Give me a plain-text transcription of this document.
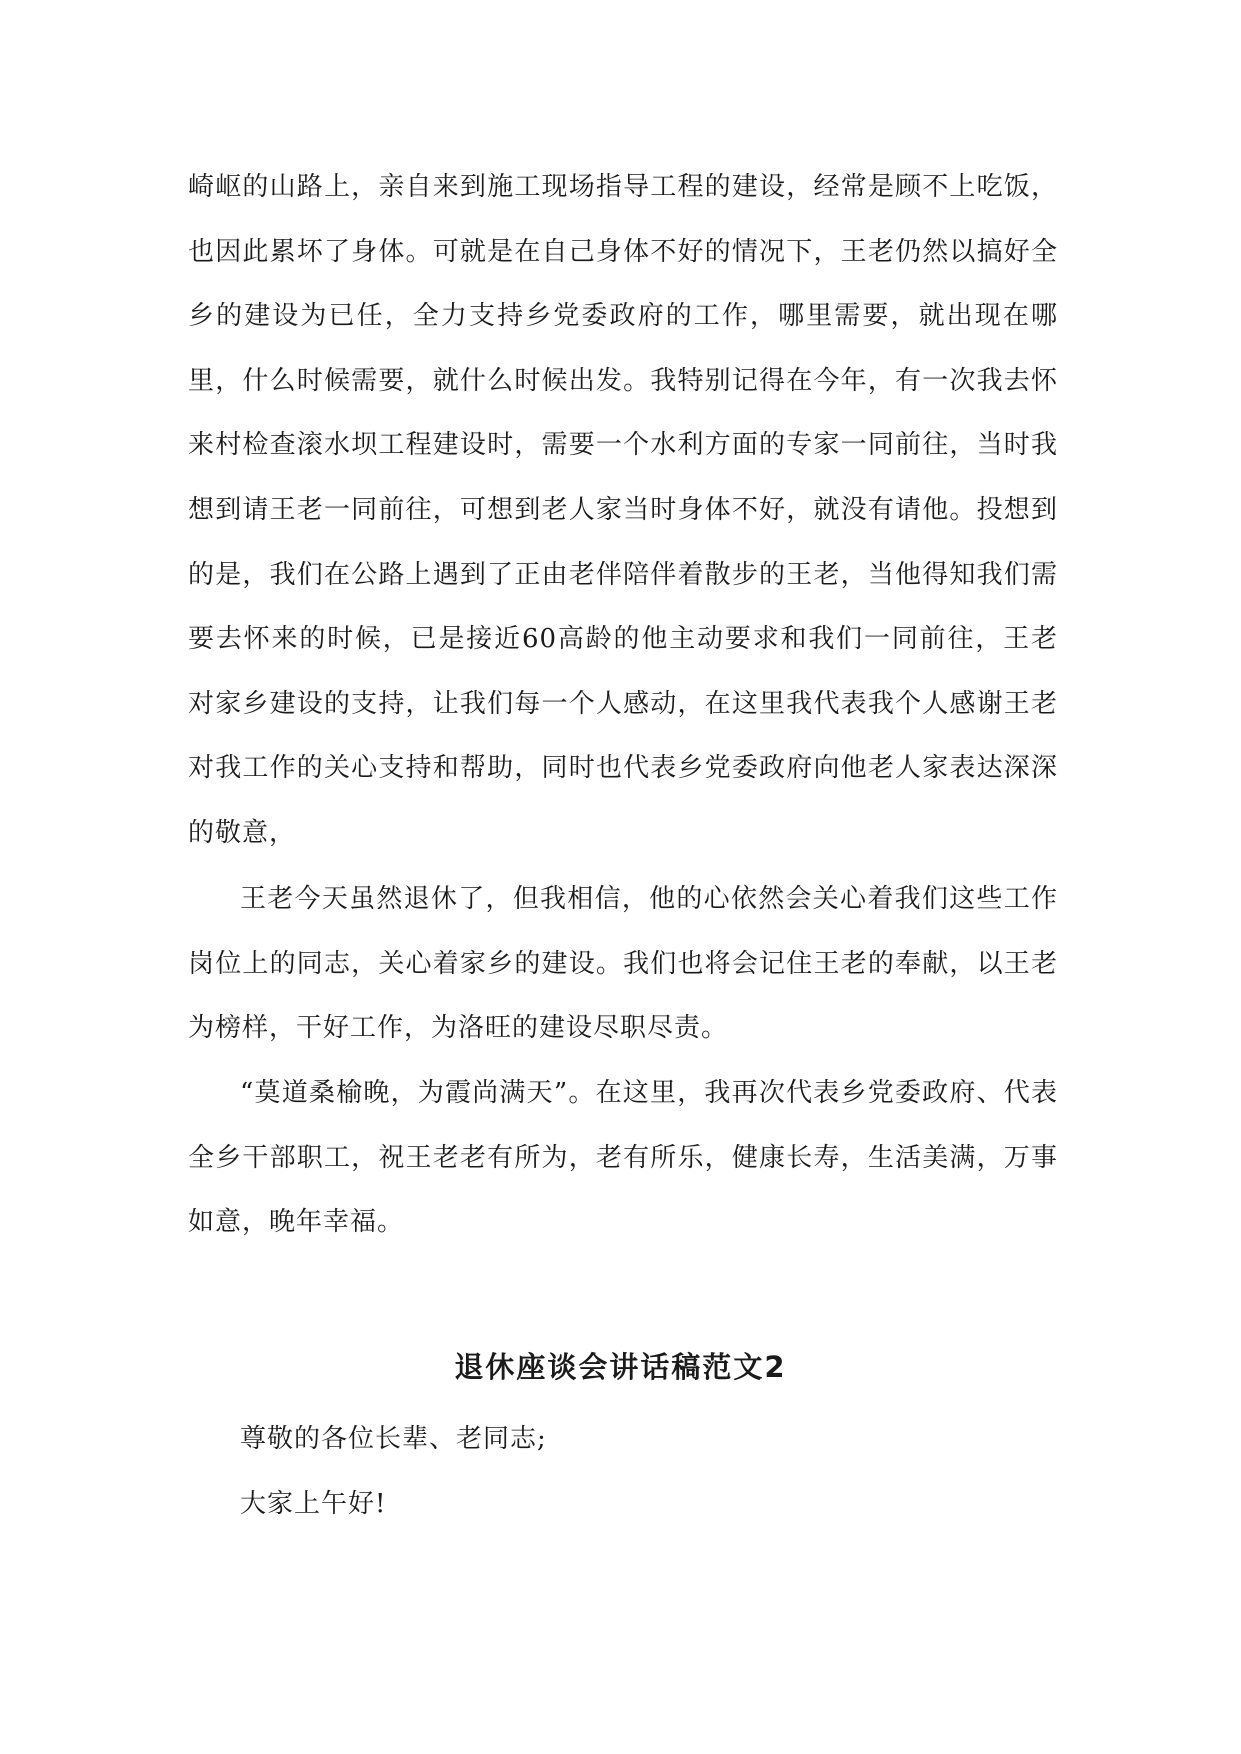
崎岖的山路上，亲自来到施工现场指导工程的建设，经常是顾不上吃饭，也因此累坏了身体。可就是在自己身体不好的情况下，王老仍然以搞好全乡的建设为已任，全力支持乡党委政府的工作，哪里需要，就出现在哪里，什么时候需要，就什么时候出发。我特别记得在今年，有一次我去怀来村检查滚水坝工程建设时，需要一个水利方面的专家一同前往，当时我想到请王老一同前往，可想到老人家当时身体不好，就没有请他。投想到的是，我们在公路上遇到了正由老伴陪伴着散步的王老，当他得知我们需要去怀来的时候，已是接近60高龄的他主动要求和我们一同前往，王老对家乡建设的支持，让我们每一个人感动，在这里我代表我个人感谢王老对我工作的关心支持和帮助，同时也代表乡党委政府向他老人家表达深深的敬意，
王老今天虽然退休了，但我相信，他的心依然会关心着我们这些工作岗位上的同志，关心着家乡的建设。我们也将会记住王老的奉献，以王老为榜样，干好工作，为洛旺的建设尽职尽责。
“莫道桑榆晚，为霞尚满天”。在这里，我再次代表乡党委政府、代表全乡干部职工，祝王老老有所为，老有所乐，健康长寿，生活美满，万事如意，晚年幸福。
退休座谈会讲话稿范文2
尊敬的各位长辈、老同志;
大家上午好!
